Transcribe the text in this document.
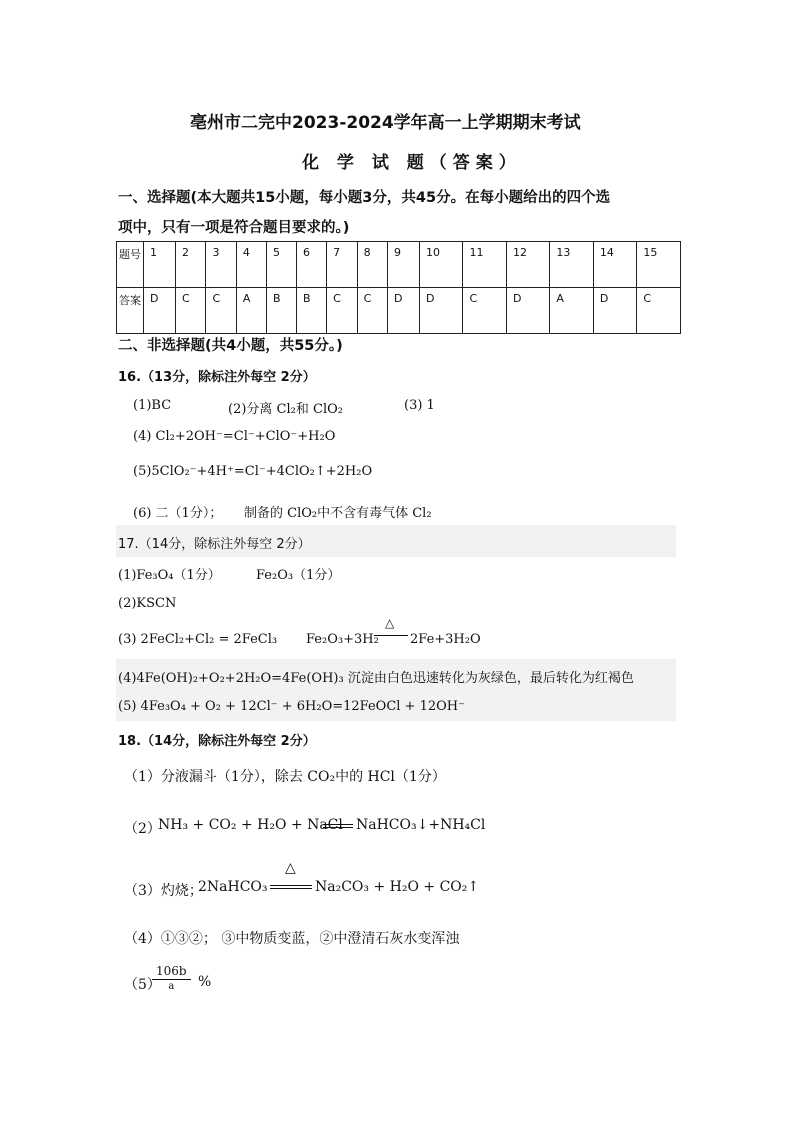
亳州市二完中2023-2024学年高一上学期期末考试
化 学 试 题（答案）
一、选择题(本大题共15小题，每小题3分，共45分。在每小题给出的四个选
项中，只有一项是符合题目要求的。)
题号	1	2	3	4	5	6	7	8	9	10	11	12	13	14	15
答案	D	C	C	A	B	B	C	C	D	D	C	D	A	D	C
二、非选择题(共4小题，共55分。)
16.（13分，除标注外每空 2分）
(1)BC	(2)分离 Cl₂和 ClO₂	(3) 1
(4) Cl₂+2OH⁻=Cl⁻+ClO⁻+H₂O
(5)5ClO₂⁻+4H⁺=Cl⁻+4ClO₂↑+2H₂O
(6) 二（1分）； 制备的 ClO₂中不含有毒气体 Cl₂
17.（14分，除标注外每空 2分）
(1)Fe₃O₄（1分）	Fe₂O₃（1分）
(2)KSCN
(3) 2FeCl₂+Cl₂ = 2FeCl₃ Fe₂O₃+3H₂
△
2Fe+3H₂O
(4)4Fe(OH)₂+O₂+2H₂O=4Fe(OH)₃ 沉淀由白色迅速转化为灰绿色，最后转化为红褐色
(5) 4Fe₃O₄ + O₂ + 12Cl⁻ + 6H₂O=12FeOCl + 12OH⁻
18.（14分，除标注外每空 2分）
（1）分液漏斗（1分），除去 CO₂中的 HCl（1分）
（2）
NH₃ + CO₂ + H₂O + NaCl NaHCO₃↓+NH₄Cl
（3）灼烧；
2NaHCO₃
△
Na₂CO₃ + H₂O + CO₂↑
（4）①③②； ③中物质变蓝，②中澄清石灰水变浑浊
（5）
106b
a	%
